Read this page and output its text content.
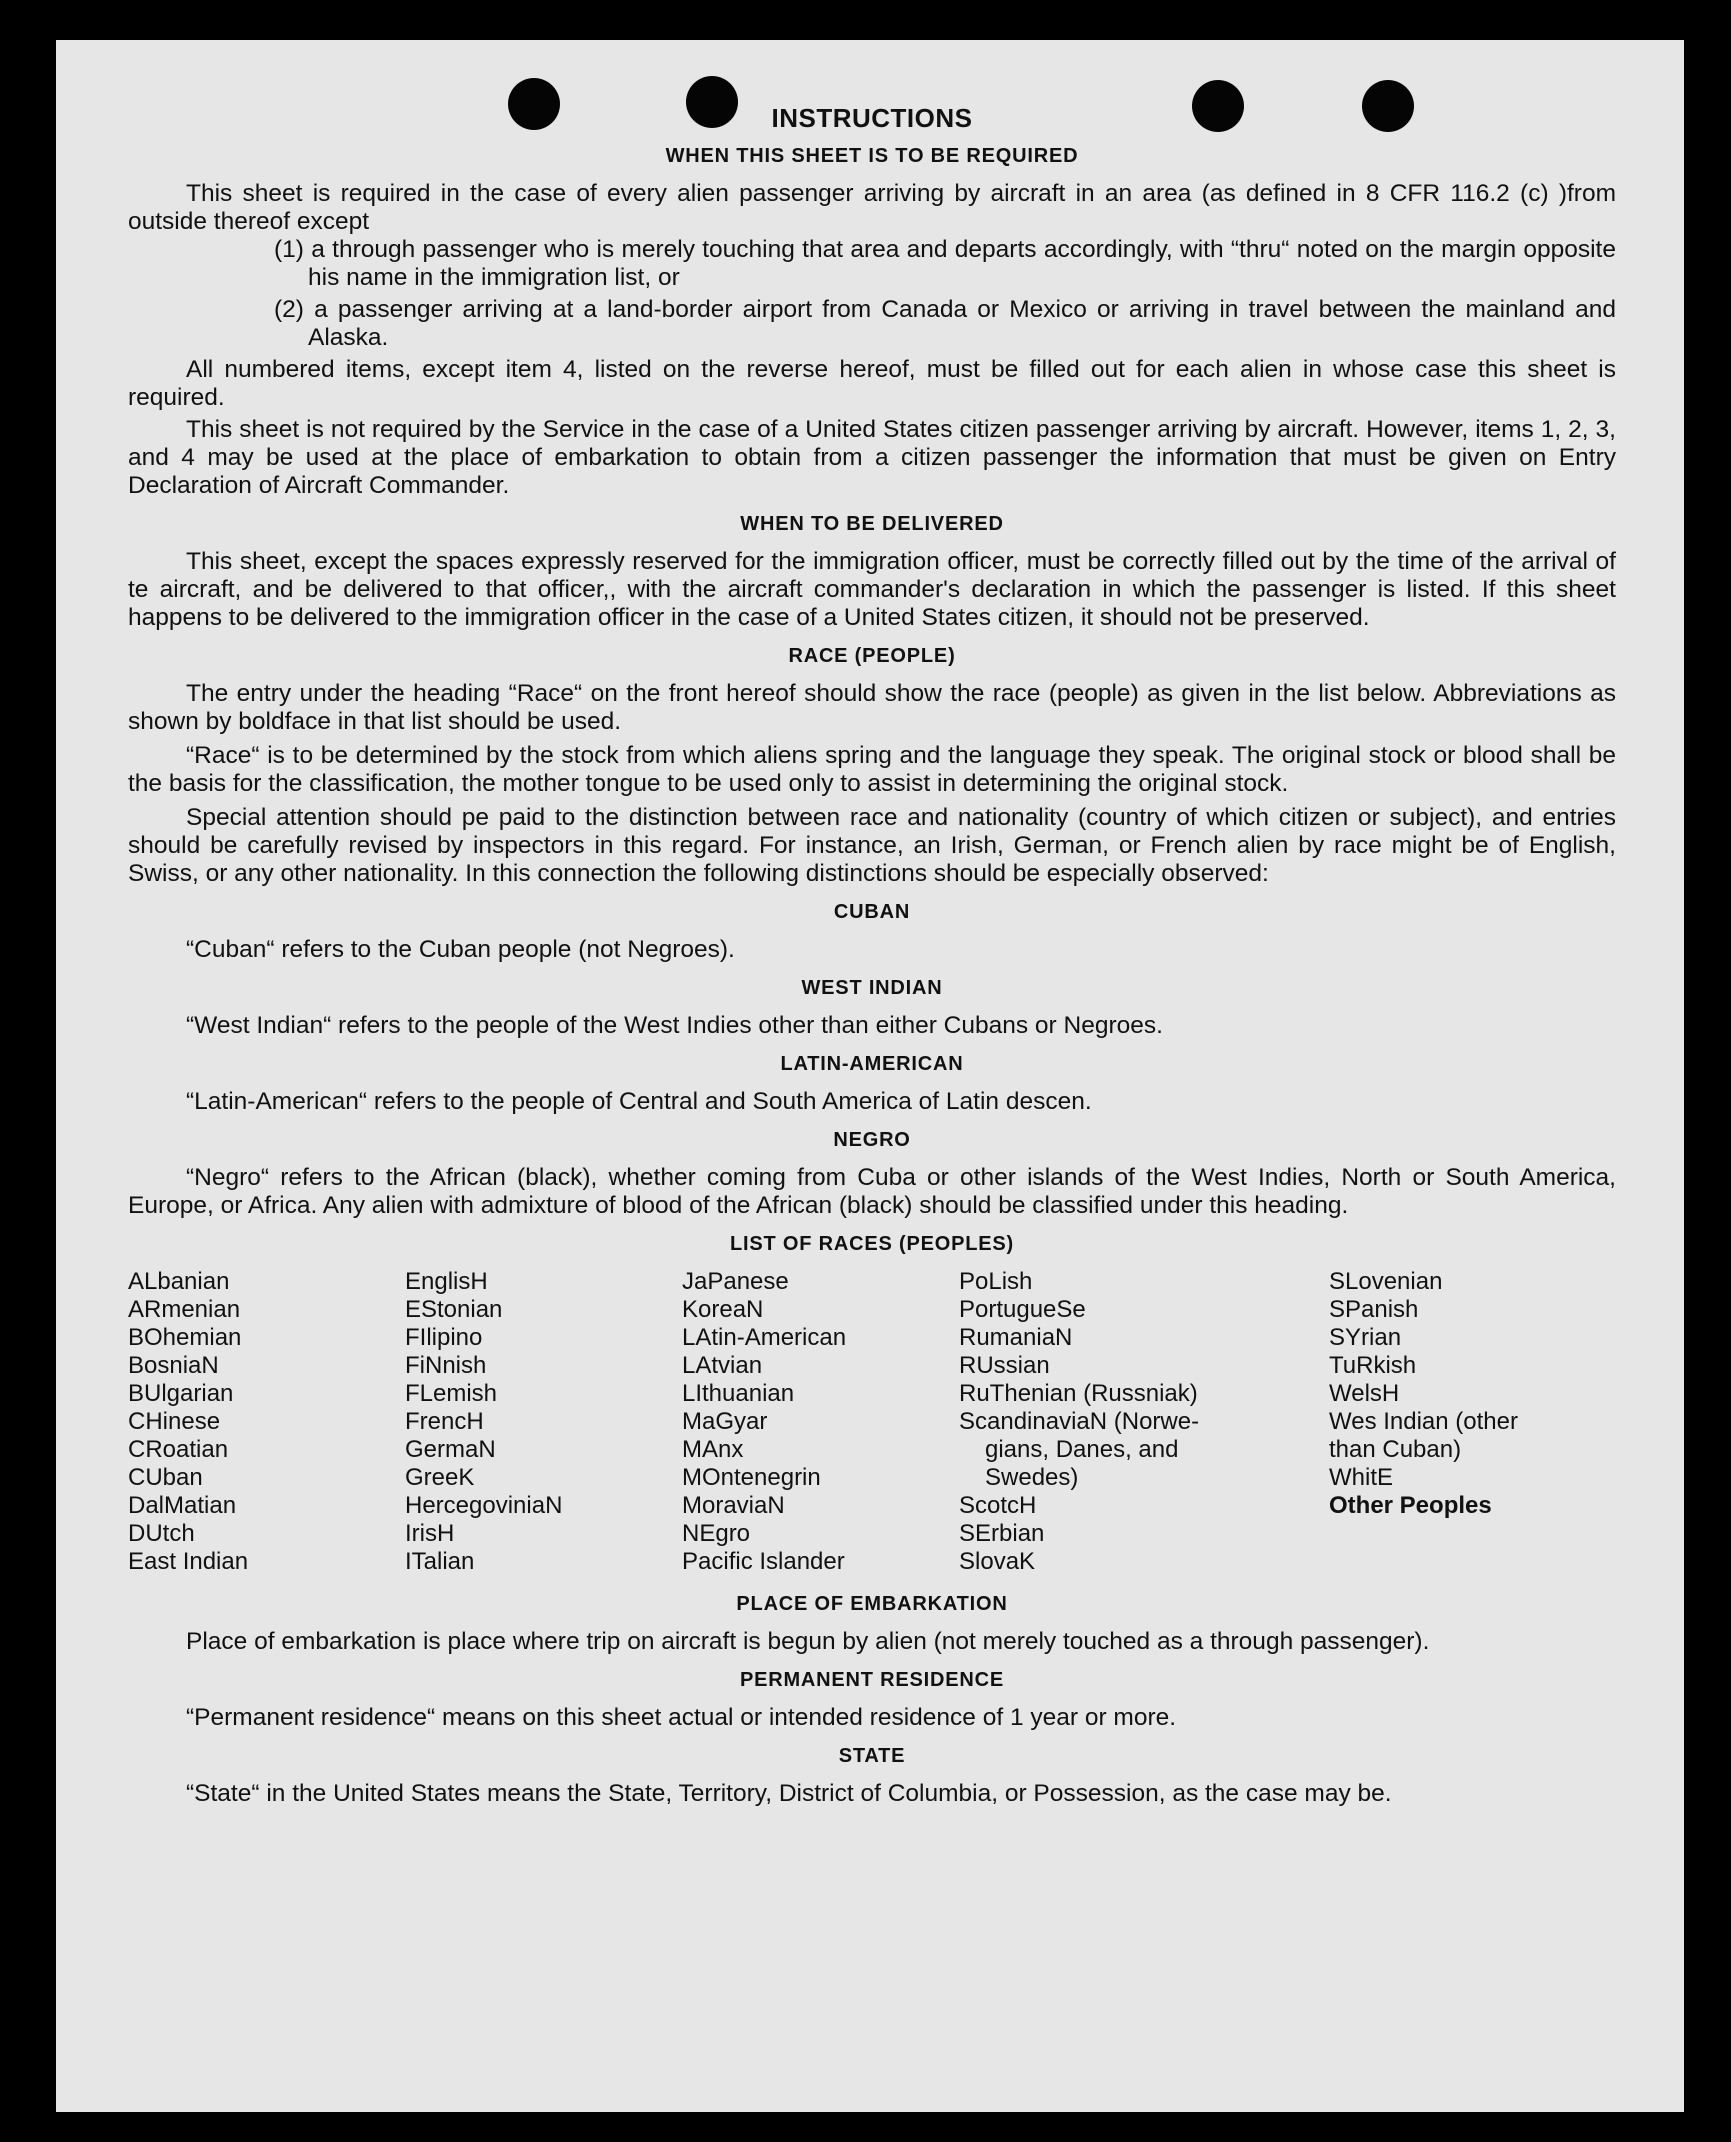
INSTRUCTIONS
WHEN THIS SHEET IS TO BE REQUIRED

This sheet is required in the case of every alien passenger arriving by aircraft in an area (as defined in 8 CFR 116.2 (c) )from outside thereof except

(1) a through passenger who is merely touching that area and departs accordingly, with “thru“ noted on the margin opposite his name in the immigration list, or

(2) a passenger arriving at a land-border airport from Canada or Mexico or arriving in travel between the mainland and Alaska.

All numbered items, except item 4, listed on the reverse hereof, must be filled out for each alien in whose case this sheet is required.

This sheet is not required by the Service in the case of a United States citizen passenger arriving by aircraft. However, items 1, 2, 3, and 4 may be used at the place of embarkation to obtain from a citizen passenger the information that must be given on Entry Declaration of Aircraft Commander.

WHEN TO BE DELIVERED

This sheet, except the spaces expressly reserved for the immigration officer, must be correctly filled out by the time of the arrival of te aircraft, and be delivered to that officer,, with the aircraft commander's declaration in which the passenger is listed. If this sheet happens to be delivered to the immigration officer in the case of a United States citizen, it should not be preserved.

RACE (PEOPLE)

The entry under the heading “Race“ on the front hereof should show the race (people) as given in the list below. Abbreviations as shown by boldface in that list should be used.

“Race“ is to be determined by the stock from which aliens spring and the language they speak. The original stock or blood shall be the basis for the classification, the mother tongue to be used only to assist in determining the original stock.

Special attention should pe paid to the distinction between race and nationality (country of which citizen or subject), and entries should be carefully revised by inspectors in this regard. For instance, an Irish, German, or French alien by race might be of English, Swiss, or any other nationality. In this connection the following distinctions should be especially observed:

CUBAN

“Cuban“ refers to the Cuban people (not Negroes).

WEST INDIAN

“West Indian“ refers to the people of the West Indies other than either Cubans or Negroes.

LATIN-AMERICAN

“Latin-American“ refers to the people of Central and South America of Latin descen.

NEGRO

“Negro“ refers to the African (black), whether coming from Cuba or other islands of the West Indies, North or South America, Europe, or Africa. Any alien with admixture of blood of the African (black) should be classified under this heading.

LIST OF RACES (PEOPLES)
ALbanian
ARmenian
BOhemian
BosniaN
BUlgarian
CHinese
CRoatian
CUban
DalMatian
DUtch
East Indian
EnglisH
EStonian
FIlipino
FiNnish
FLemish
FrencH
GermaN
GreeK
HercegoviniaN
IrisH
ITalian
JaPanese
KoreaN
LAtin-American
LAtvian
LIthuanian
MaGyar
MAnx
MOntenegrin
MoraviaN
NEgro
Pacific Islander
PoLish
PortugueSe
RumaniaN
RUssian
RuThenian (Russniak)
ScandinaviaN (Norwe-
gians, Danes, and
Swedes)
ScotcH
SErbian
SlovaK
SLovenian
SPanish
SYrian
TuRkish
WelsH
Wes Indian (other
than Cuban)
WhitE
Other Peoples
PLACE OF EMBARKATION

Place of embarkation is place where trip on aircraft is begun by alien (not merely touched as a through passenger).

PERMANENT RESIDENCE

“Permanent residence“ means on this sheet actual or intended residence of 1 year or more.

STATE

“State“ in the United States means the State, Territory, District of Columbia, or Possession, as the case may be.
